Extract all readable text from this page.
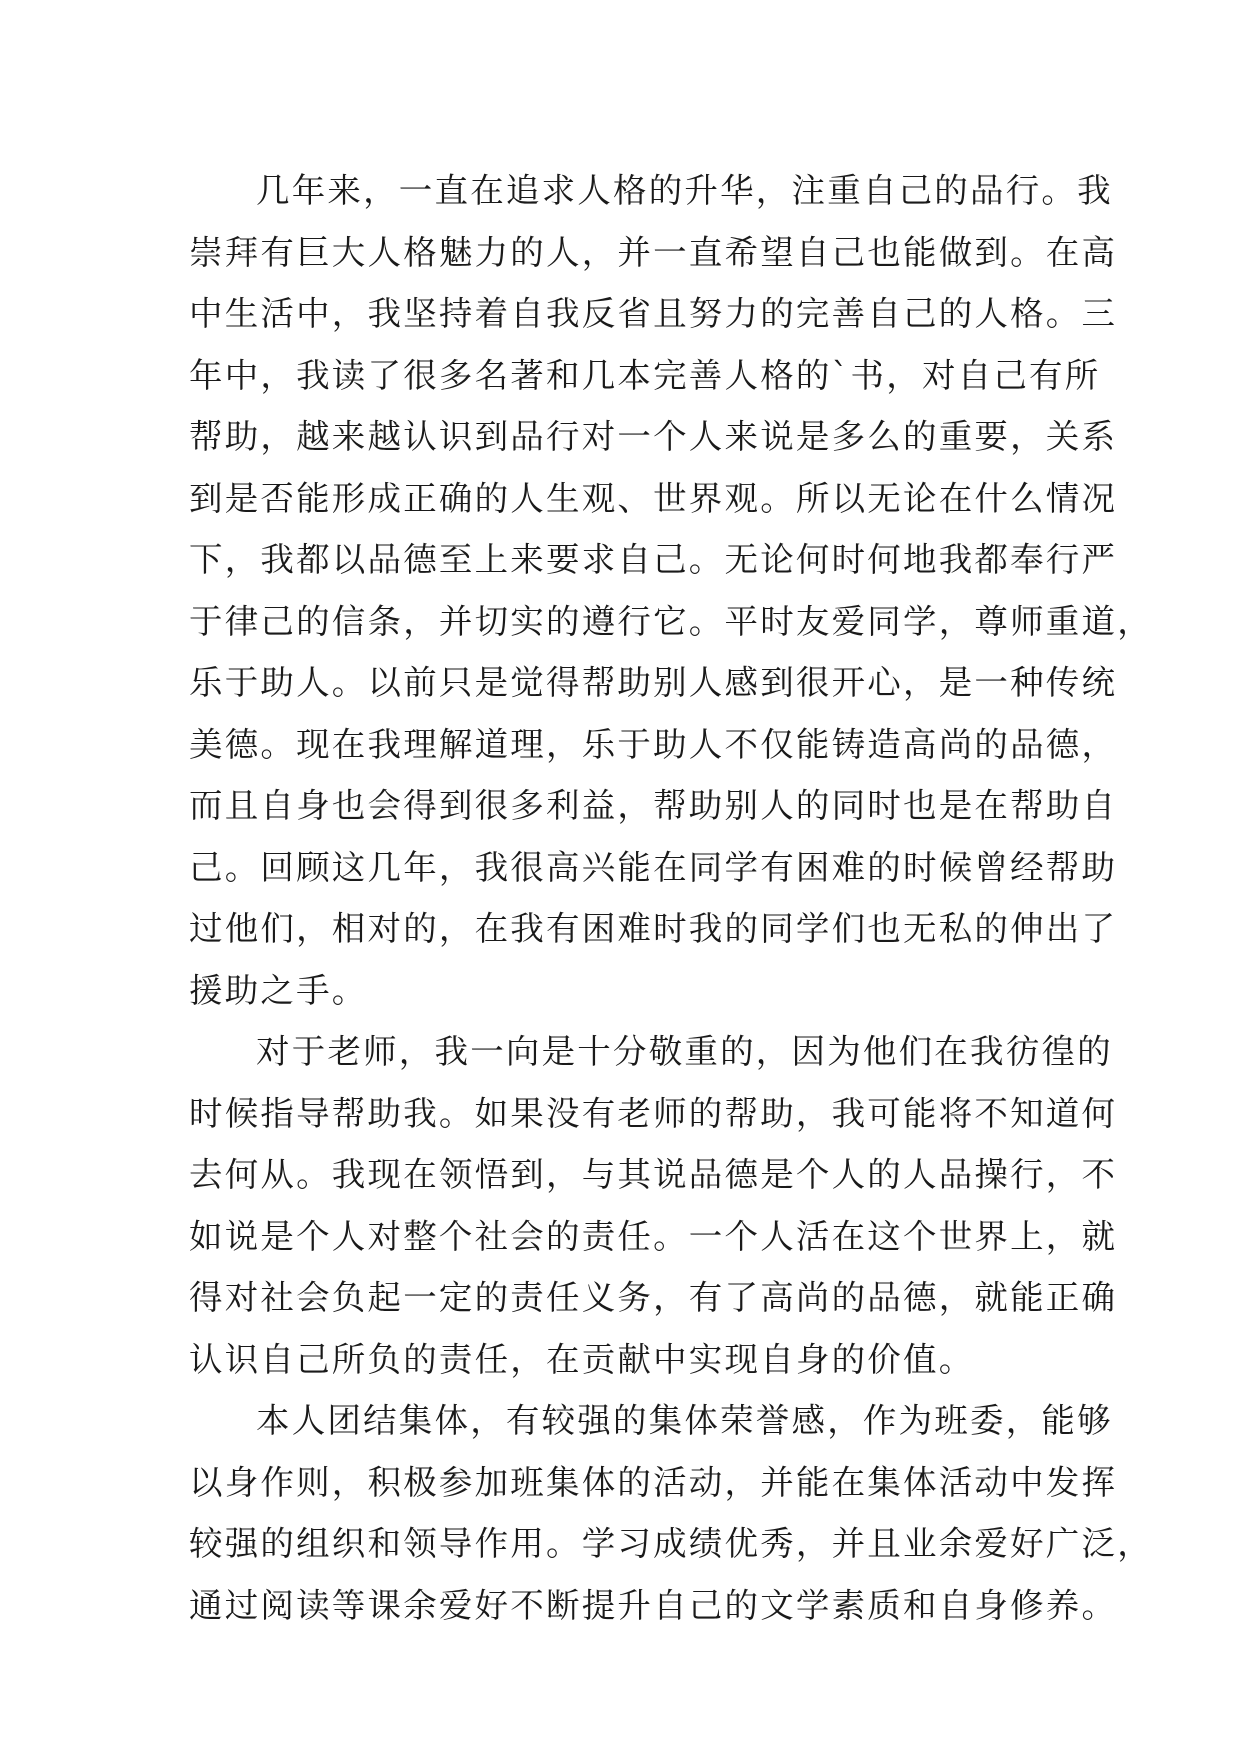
几年来，一直在追求人格的升华，注重自己的品行。我
崇拜有巨大人格魅力的人，并一直希望自己也能做到。在高
中生活中，我坚持着自我反省且努力的完善自己的人格。三
年中，我读了很多名著和几本完善人格的`书，对自己有所
帮助，越来越认识到品行对一个人来说是多么的重要，关系
到是否能形成正确的人生观、世界观。所以无论在什么情况
下，我都以品德至上来要求自己。无论何时何地我都奉行严
于律己的信条，并切实的遵行它。平时友爱同学，尊师重道，
乐于助人。以前只是觉得帮助别人感到很开心，是一种传统
美德。现在我理解道理，乐于助人不仅能铸造高尚的品德，
而且自身也会得到很多利益，帮助别人的同时也是在帮助自
己。回顾这几年，我很高兴能在同学有困难的时候曾经帮助
过他们，相对的，在我有困难时我的同学们也无私的伸出了
援助之手。
对于老师，我一向是十分敬重的，因为他们在我彷徨的
时候指导帮助我。如果没有老师的帮助，我可能将不知道何
去何从。我现在领悟到，与其说品德是个人的人品操行，不
如说是个人对整个社会的责任。一个人活在这个世界上，就
得对社会负起一定的责任义务，有了高尚的品德，就能正确
认识自己所负的责任，在贡献中实现自身的价值。
本人团结集体，有较强的集体荣誉感，作为班委，能够
以身作则，积极参加班集体的活动，并能在集体活动中发挥
较强的组织和领导作用。学习成绩优秀，并且业余爱好广泛，
通过阅读等课余爱好不断提升自己的文学素质和自身修养。
